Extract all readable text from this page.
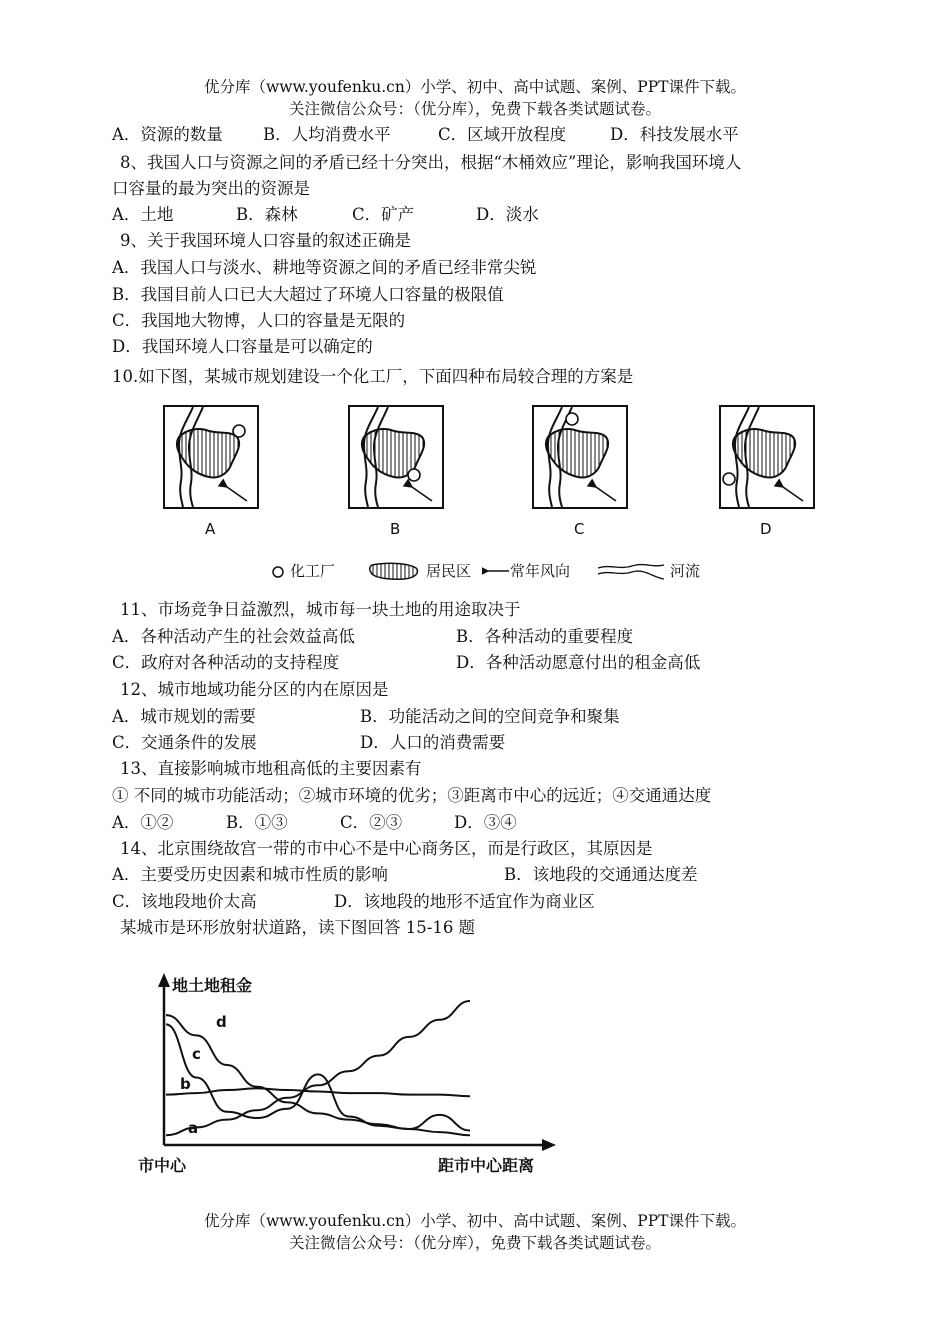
优分库（www.youfenku.cn）小学、初中、高中试题、案例、PPT课件下载。
关注微信公众号：（优分库），免费下载各类试题试卷。
A．资源的数量 B．人均消费水平	C．区域开放程度	D．科技发展水平
8、我国人口与资源之间的矛盾已经十分突出，根据“木桶效应”理论，影响我国环境人
口容量的最为突出的资源是
A．土地	B．森林	C．矿产	D．淡水
9、关于我国环境人口容量的叙述正确是
A．我国人口与淡水、耕地等资源之间的矛盾已经非常尖锐
B．我国目前人口已大大超过了环境人口容量的极限值
C．我国地大物博，人口的容量是无限的
D．我国环境人口容量是可以确定的
10.如下图，某城市规划建设一个化工厂，下面四种布局较合理的方案是
A	B	C	D
化工厂	居民区	常年风向	河流
11、市场竞争日益激烈，城市每一块土地的用途取决于
A．各种活动产生的社会效益高低	B．各种活动的重要程度
C．政府对各种活动的支持程度	D．各种活动愿意付出的租金高低
12、城市地域功能分区的内在原因是
A．城市规划的需要	B．功能活动之间的空间竞争和聚集
C．交通条件的发展	D．人口的消费需要
13、直接影响城市地租高低的主要因素有
① 不同的城市功能活动；②城市环境的优劣；③距离市中心的远近；④交通通达度
A．①②	B．①③	C．②③	D．③④
14、北京围绕故宫一带的市中心不是中心商务区，而是行政区，其原因是
A．主要受历史因素和城市性质的影响	B．该地段的交通通达度差
C．该地段地价太高	D．该地段的地形不适宜作为商业区
某城市是环形放射状道路，读下图回答 15-16 题
地土地租金
市中心	距市中心距离
a
b
c
d
优分库（www.youfenku.cn）小学、初中、高中试题、案例、PPT课件下载。
关注微信公众号：（优分库），免费下载各类试题试卷。
